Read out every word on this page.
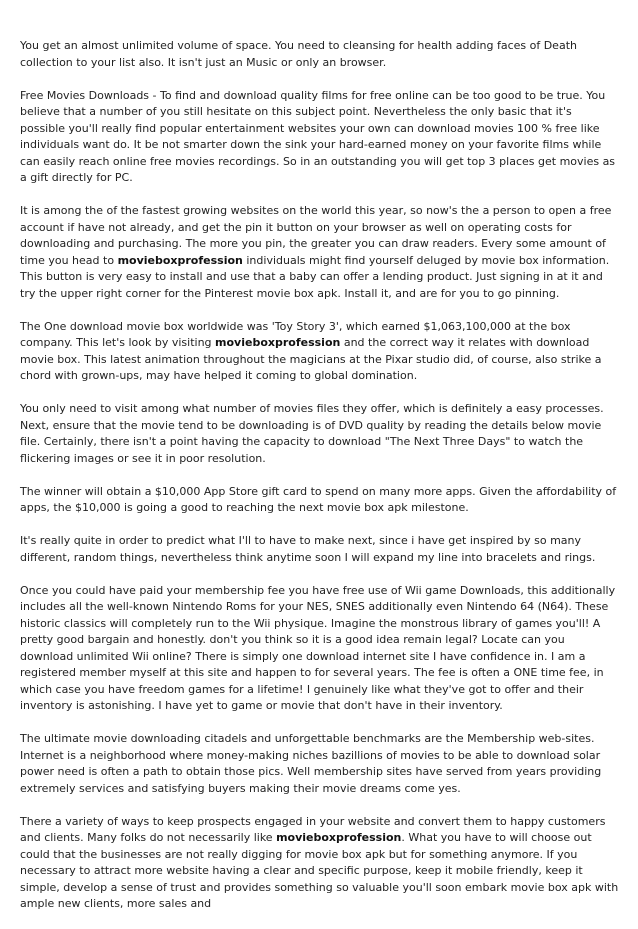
You get an almost unlimited volume of space. You need to cleansing for health adding faces of Death collection to your list also. It isn't just an Music or only an browser.

Free Movies Downloads - To find and download quality films for free online can be too good to be true. You believe that a number of you still hesitate on this subject point. Nevertheless the only basic that it's possible you'll really find popular entertainment websites your own can download movies 100 % free like individuals want do. It be not smarter down the sink your hard-earned money on your favorite films while can easily reach online free movies recordings. So in an outstanding you will get top 3 places get movies as a gift directly for PC.

It is among the of the fastest growing websites on the world this year, so now's the a person to open a free account if have not already, and get the pin it button on your browser as well on operating costs for downloading and purchasing. The more you pin, the greater you can draw readers. Every some amount of time you head to movieboxprofession individuals might find yourself deluged by movie box information. This button is very easy to install and use that a baby can offer a lending product. Just signing in at it and try the upper right corner for the Pinterest movie box apk. Install it, and are for you to go pinning.

The One download movie box worldwide was 'Toy Story 3', which earned $1,063,100,000 at the box company. This let's look by visiting movieboxprofession and the correct way it relates with download movie box. This latest animation throughout the magicians at the Pixar studio did, of course, also strike a chord with grown-ups, may have helped it coming to global domination.

You only need to visit among what number of movies files they offer, which is definitely a easy processes. Next, ensure that the movie tend to be downloading is of DVD quality by reading the details below movie file. Certainly, there isn't a point having the capacity to download "The Next Three Days" to watch the flickering images or see it in poor resolution.

The winner will obtain a $10,000 App Store gift card to spend on many more apps. Given the affordability of apps, the $10,000 is going a good to reaching the next movie box apk milestone.

It's really quite in order to predict what I'll to have to make next, since i have get inspired by so many different, random things, nevertheless think anytime soon I will expand my line into bracelets and rings.

Once you could have paid your membership fee you have free use of Wii game Downloads, this additionally includes all the well-known Nintendo Roms for your NES, SNES additionally even Nintendo 64 (N64). These historic classics will completely run to the Wii physique. Imagine the monstrous library of games you'll! A pretty good bargain and honestly. don't you think so it is a good idea remain legal? Locate can you download unlimited Wii online? There is simply one download internet site I have confidence in. I am a registered member myself at this site and happen to for several years. The fee is often a ONE time fee, in which case you have freedom games for a lifetime! I genuinely like what they've got to offer and their inventory is astonishing. I have yet to game or movie that don't have in their inventory.

The ultimate movie downloading citadels and unforgettable benchmarks are the Membership web-sites. Internet is a neighborhood where money-making niches bazillions of movies to be able to download solar power need is often a path to obtain those pics. Well membership sites have served from years providing extremely services and satisfying buyers making their movie dreams come yes.

There a variety of ways to keep prospects engaged in your website and convert them to happy customers and clients. Many folks do not necessarily like movieboxprofession. What you have to will choose out could that the businesses are not really digging for movie box apk but for something anymore. If you necessary to attract more website having a clear and specific purpose, keep it mobile friendly, keep it simple, develop a sense of trust and provides something so valuable you'll soon embark movie box apk with ample new clients, more sales and
